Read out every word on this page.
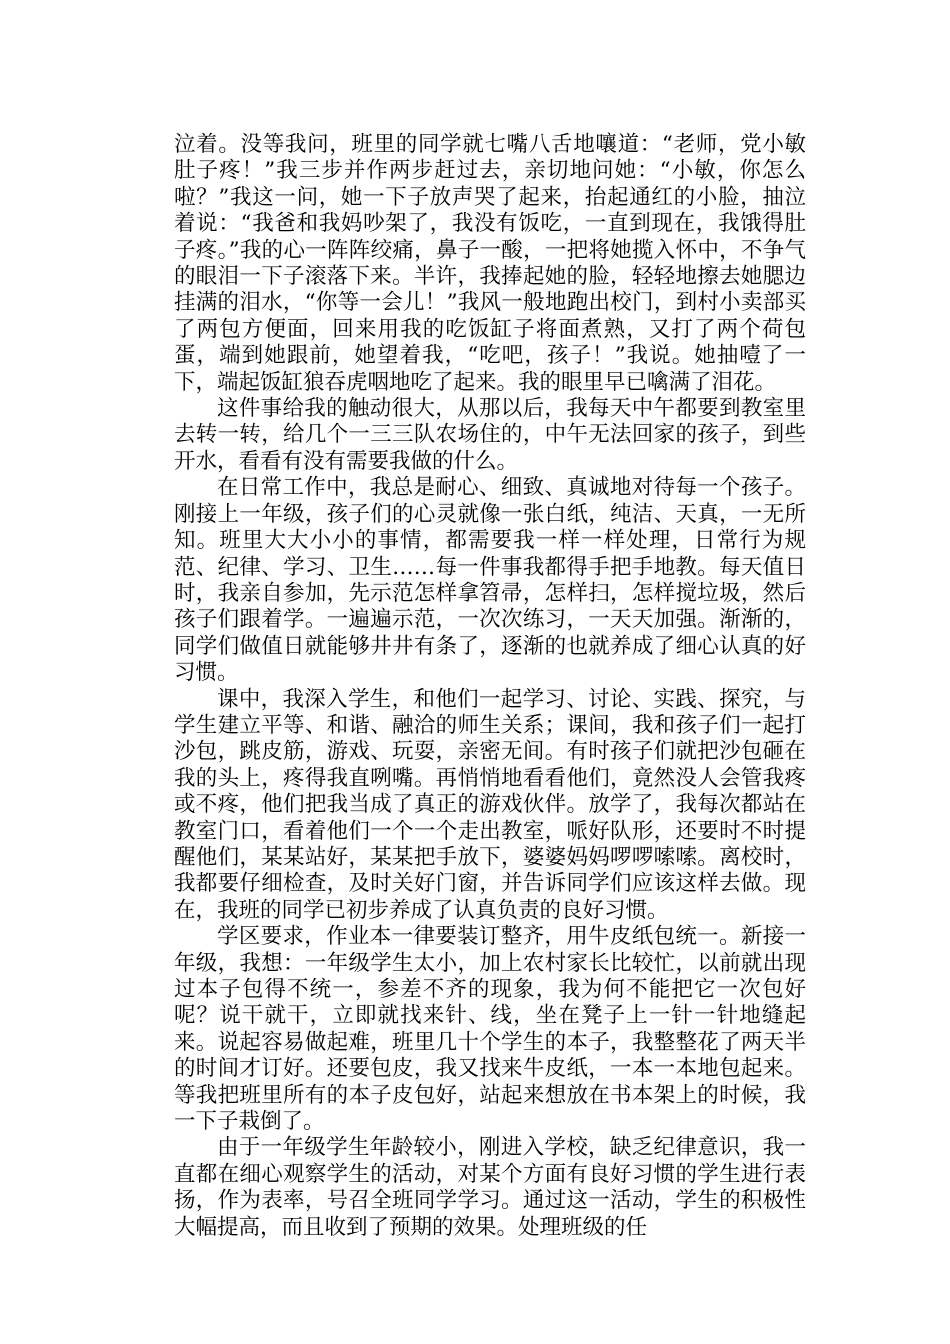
泣着。没等我问，班里的同学就七嘴八舌地嚷道：“老师，党小敏肚子疼！”我三步并作两步赶过去，亲切地问她：“小敏，你怎么啦？”我这一问，她一下子放声哭了起来，抬起通红的小脸，抽泣着说：“我爸和我妈吵架了，我没有饭吃，一直到现在，我饿得肚子疼。”我的心一阵阵绞痛，鼻子一酸，一把将她揽入怀中，不争气的眼泪一下子滚落下来。半许，我捧起她的脸，轻轻地擦去她腮边挂满的泪水，“你等一会儿！”我风一般地跑出校门，到村小卖部买了两包方便面，回来用我的吃饭缸子将面煮熟，又打了两个荷包蛋，端到她跟前，她望着我，“吃吧，孩子！”我说。她抽噎了一下，端起饭缸狼吞虎咽地吃了起来。我的眼里早已噙满了泪花。

这件事给我的触动很大，从那以后，我每天中午都要到教室里去转一转，给几个一三三队农场住的，中午无法回家的孩子，到些开水，看看有没有需要我做的什么。

在日常工作中，我总是耐心、细致、真诚地对待每一个孩子。刚接上一年级，孩子们的心灵就像一张白纸，纯洁、天真，一无所知。班里大大小小的事情，都需要我一样一样处理，日常行为规范、纪律、学习、卫生……每一件事我都得手把手地教。每天值日时，我亲自参加，先示范怎样拿笤帚，怎样扫，怎样搅垃圾，然后孩子们跟着学。一遍遍示范，一次次练习，一天天加强。渐渐的，同学们做值日就能够井井有条了，逐渐的也就养成了细心认真的好习惯。

课中，我深入学生，和他们一起学习、讨论、实践、探究，与学生建立平等、和谐、融洽的师生关系；课间，我和孩子们一起打沙包，跳皮筋，游戏、玩耍，亲密无间。有时孩子们就把沙包砸在我的头上，疼得我直咧嘴。再悄悄地看看他们，竟然没人会管我疼或不疼，他们把我当成了真正的游戏伙伴。放学了，我每次都站在教室门口，看着他们一个一个走出教室，哌好队形，还要时不时提醒他们，某某站好，某某把手放下，婆婆妈妈啰啰嗦嗦。离校时，我都要仔细检查，及时关好门窗，并告诉同学们应该这样去做。现在，我班的同学已初步养成了认真负责的良好习惯。

学区要求，作业本一律要装订整齐，用牛皮纸包统一。新接一年级，我想：一年级学生太小，加上农村家长比较忙，以前就出现过本子包得不统一，参差不齐的现象，我为何不能把它一次包好呢？说干就干，立即就找来针、线，坐在凳子上一针一针地缝起来。说起容易做起难，班里几十个学生的本子，我整整花了两天半的时间才订好。还要包皮，我又找来牛皮纸，一本一本地包起来。等我把班里所有的本子皮包好，站起来想放在书本架上的时候，我一下子栽倒了。

由于一年级学生年龄较小，刚进入学校，缺乏纪律意识，我一直都在细心观察学生的活动，对某个方面有良好习惯的学生进行表扬，作为表率，号召全班同学学习。通过这一活动，学生的积极性大幅提高，而且收到了预期的效果。处理班级的任
